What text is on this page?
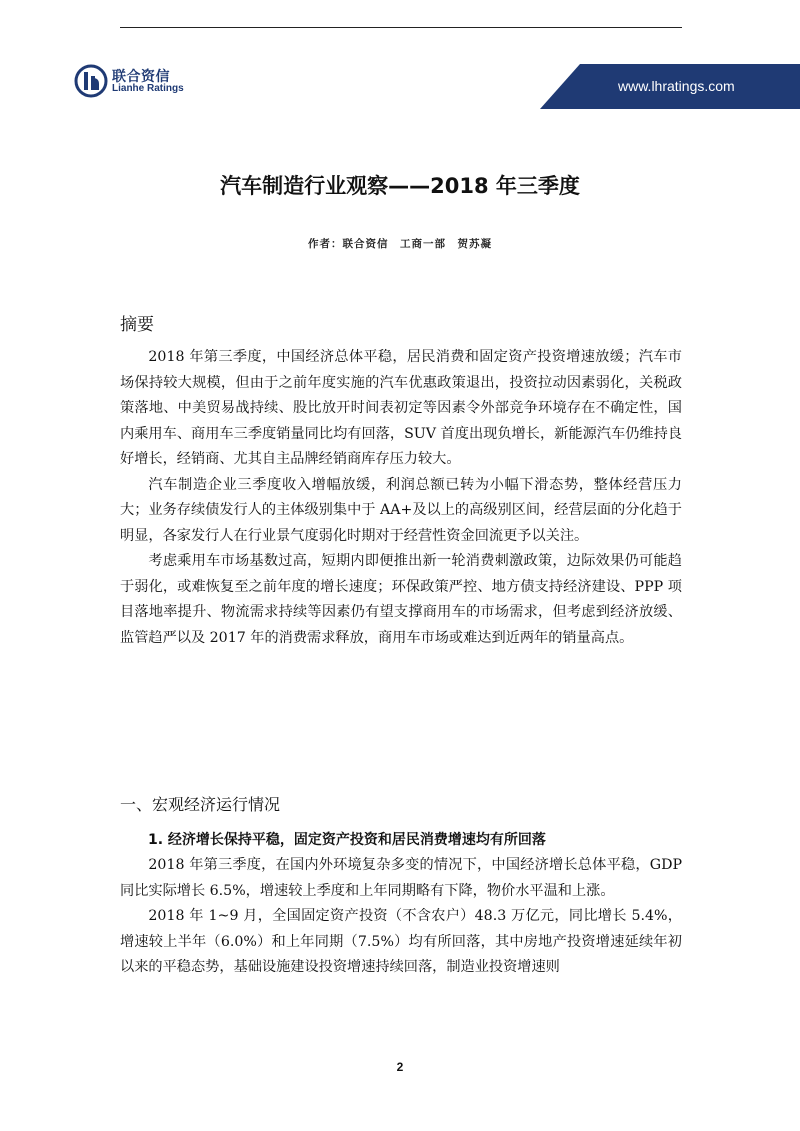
联合资信
Lianhe Ratings	www.lhratings.com
汽车制造行业观察——2018 年三季度
作者：联合资信　工商一部　贺苏凝
摘要

2018 年第三季度，中国经济总体平稳，居民消费和固定资产投资增速放缓；汽车市场保持较大规模，但由于之前年度实施的汽车优惠政策退出，投资拉动因素弱化，关税政策落地、中美贸易战持续、股比放开时间表初定等因素令外部竞争环境存在不确定性，国内乘用车、商用车三季度销量同比均有回落，SUV 首度出现负增长，新能源汽车仍维持良好增长，经销商、尤其自主品牌经销商库存压力较大。

汽车制造企业三季度收入增幅放缓，利润总额已转为小幅下滑态势，整体经营压力大；业务存续债发行人的主体级别集中于 AA+及以上的高级别区间，经营层面的分化趋于明显，各家发行人在行业景气度弱化时期对于经营性资金回流更予以关注。

考虑乘用车市场基数过高，短期内即便推出新一轮消费刺激政策，边际效果仍可能趋于弱化，或难恢复至之前年度的增长速度；环保政策严控、地方债支持经济建设、PPP 项目落地率提升、物流需求持续等因素仍有望支撑商用车的市场需求，但考虑到经济放缓、监管趋严以及 2017 年的消费需求释放，商用车市场或难达到近两年的销量高点。

一、宏观经济运行情况
1. 经济增长保持平稳，固定资产投资和居民消费增速均有所回落

2018 年第三季度，在国内外环境复杂多变的情况下，中国经济增长总体平稳，GDP 同比实际增长 6.5%，增速较上季度和上年同期略有下降，物价水平温和上涨。

2018 年 1~9 月，全国固定资产投资（不含农户）48.3 万亿元，同比增长 5.4%，增速较上半年（6.0%）和上年同期（7.5%）均有所回落，其中房地产投资增速延续年初以来的平稳态势，基础设施建设投资增速持续回落，制造业投资增速则

2
